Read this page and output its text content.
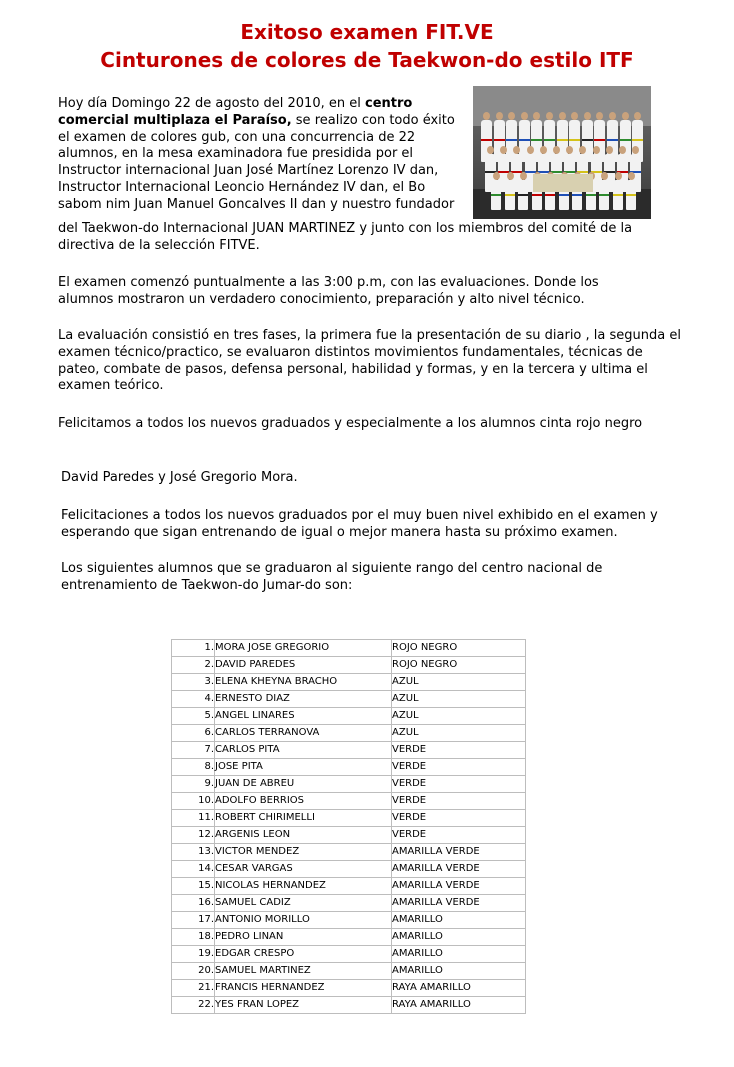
Exitoso examen FIT.VE
Cinturones de colores de Taekwon-do estilo ITF

Hoy día Domingo 22 de agosto del 2010, en el centro comercial multiplaza el Paraíso, se realizo con todo éxito el examen de colores gub, con una concurrencia de 22 alumnos, en la mesa examinadora fue presidida por el Instructor internacional Juan José Martínez Lorenzo IV dan, Instructor Internacional Leoncio Hernández IV dan, el Bo sabom nim Juan Manuel Goncalves II dan y nuestro fundador

del Taekwon-do Internacional JUAN MARTINEZ y junto con los miembros del comité de la directiva de la selección FITVE.

El examen comenzó puntualmente a las 3:00 p.m, con las evaluaciones. Donde los alumnos mostraron un verdadero conocimiento, preparación y alto nivel técnico.

La evaluación consistió en tres fases, la primera fue la presentación de su diario , la segunda el examen técnico/practico, se evaluaron distintos movimientos fundamentales, técnicas de pateo, combate de pasos, defensa personal, habilidad y formas, y en la tercera y ultima el examen teórico.

Felicitamos a todos los nuevos graduados y especialmente a los alumnos cinta rojo negro

David Paredes y José Gregorio Mora.

Felicitaciones a todos los nuevos graduados por el muy buen nivel exhibido en el examen y esperando que sigan entrenando de igual o mejor manera hasta su próximo examen.

Los siguientes alumnos que se graduaron al siguiente rango del centro nacional de entrenamiento de Taekwon-do Jumar-do son:

1.	MORA JOSE GREGORIO	ROJO NEGRO
2.	DAVID PAREDES	ROJO NEGRO
3.	ELENA KHEYNA BRACHO	AZUL
4.	ERNESTO DIAZ	AZUL
5.	ANGEL LINARES	AZUL
6.	CARLOS TERRANOVA	AZUL
7.	CARLOS PITA	VERDE
8.	JOSE PITA	VERDE
9.	JUAN DE ABREU	VERDE
10.	ADOLFO BERRIOS	VERDE
11.	ROBERT CHIRIMELLI	VERDE
12.	ARGENIS LEON	VERDE
13.	VICTOR MENDEZ	AMARILLA VERDE
14.	CESAR VARGAS	AMARILLA VERDE
15.	NICOLAS HERNANDEZ	AMARILLA VERDE
16.	SAMUEL CADIZ	AMARILLA VERDE
17.	ANTONIO MORILLO	AMARILLO
18.	PEDRO LINAN	AMARILLO
19.	EDGAR CRESPO	AMARILLO
20.	SAMUEL MARTINEZ	AMARILLO
21.	FRANCIS HERNANDEZ	RAYA AMARILLO
22.	YES FRAN LOPEZ	RAYA AMARILLO
